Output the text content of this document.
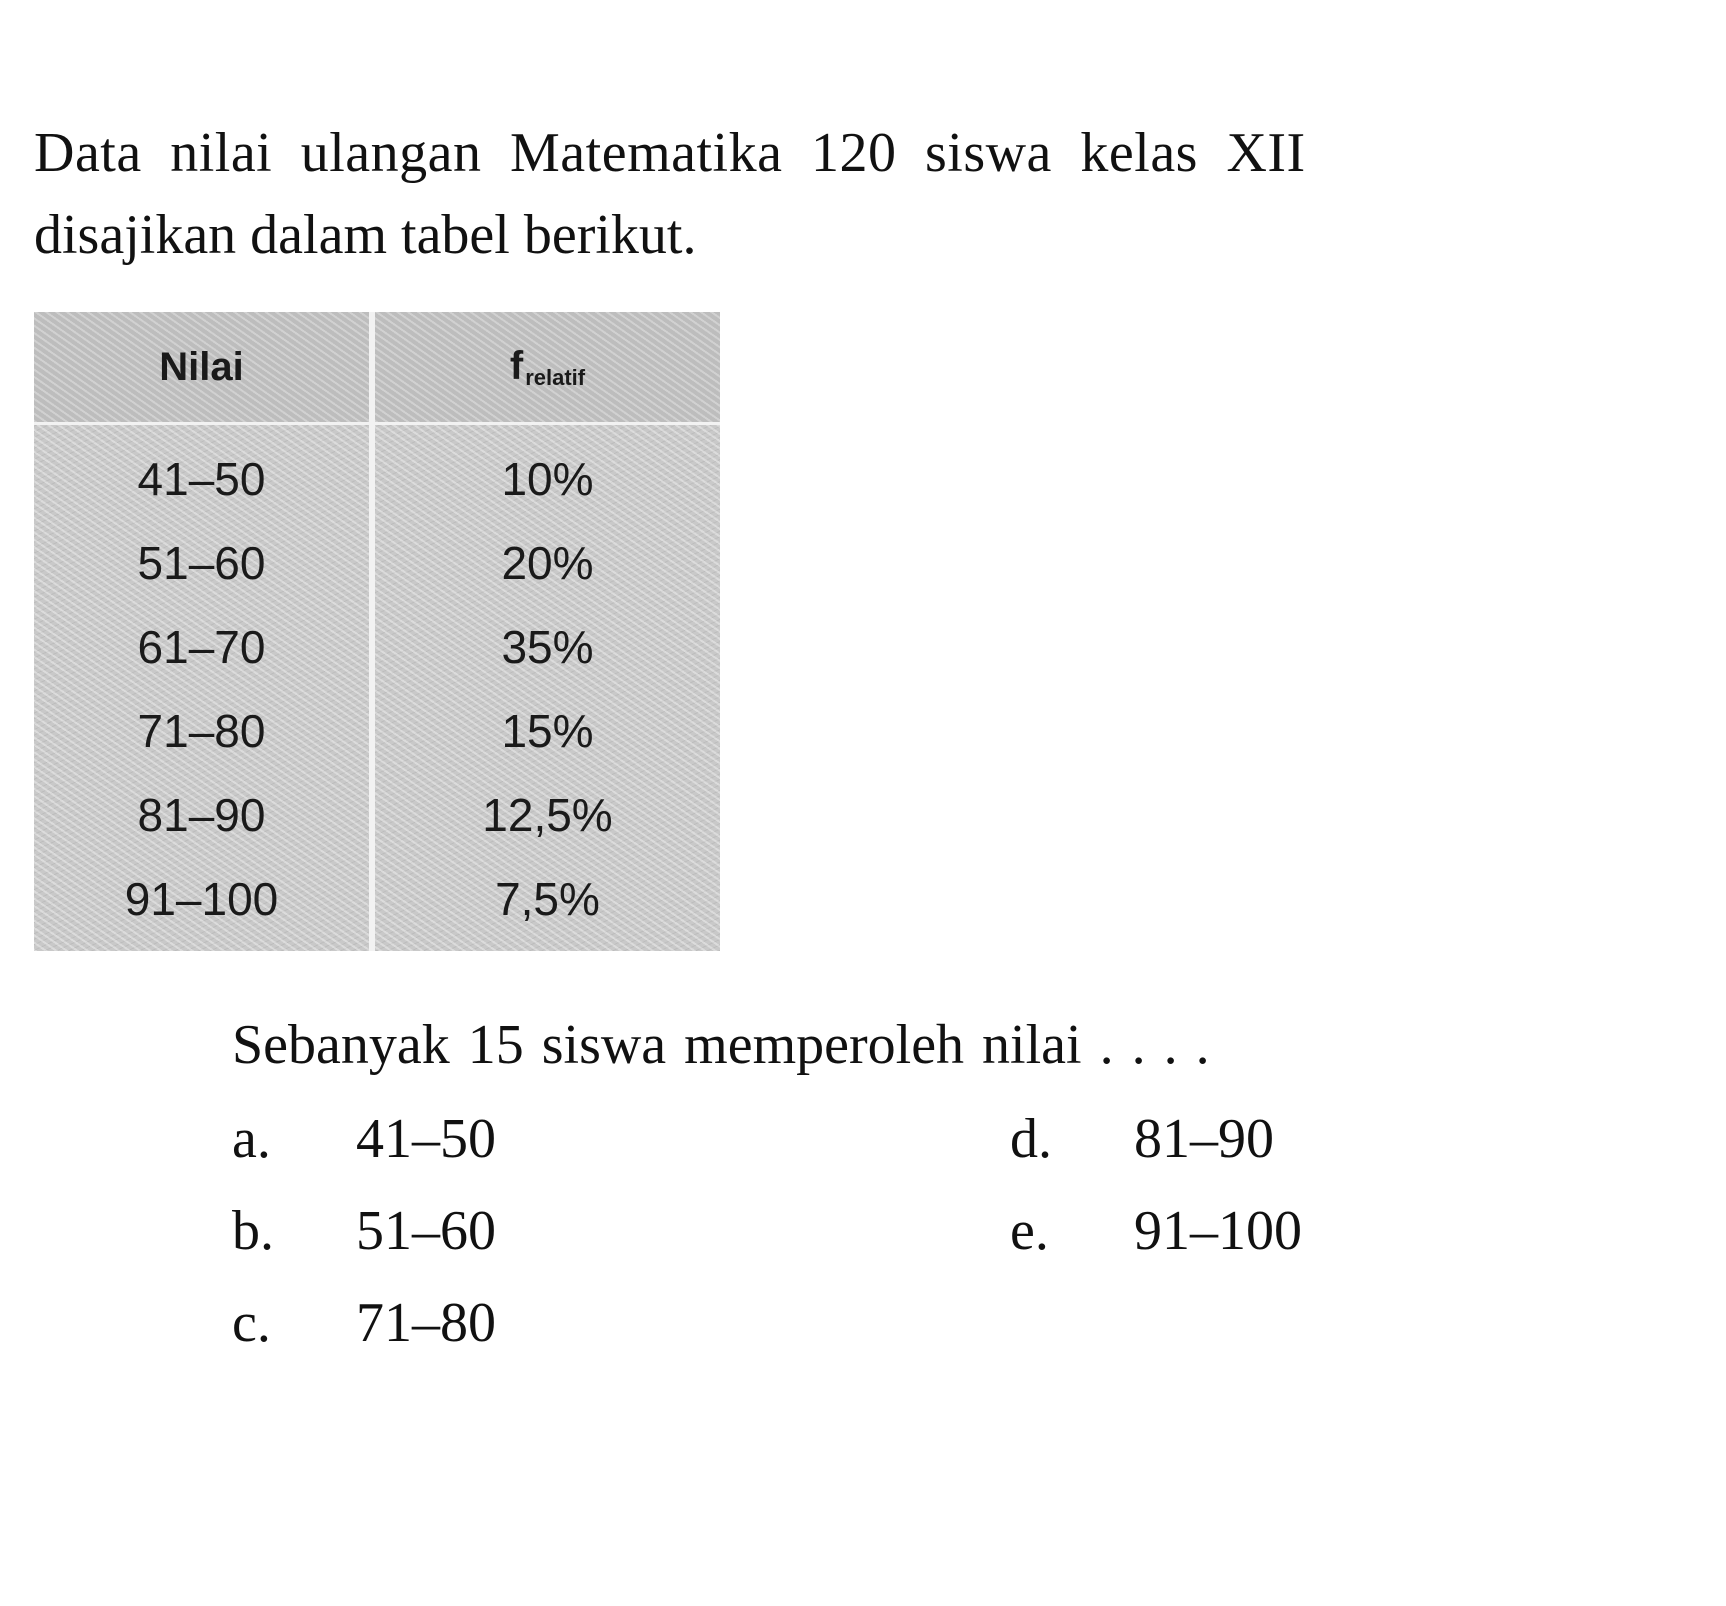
Data nilai ulangan Matematika 120 siswa kelas XII
disajikan dalam tabel berikut.

Nilai	$f_{relatif}$
41–50	10%
51–60	20%
61–70	35%
71–80	15%
81–90	12,5%
91–100	7,5%

Sebanyak 15 siswa memperoleh nilai . . . .

a. 41–50
b. 51–60
c. 71–80
d. 81–90
e. 91–100
